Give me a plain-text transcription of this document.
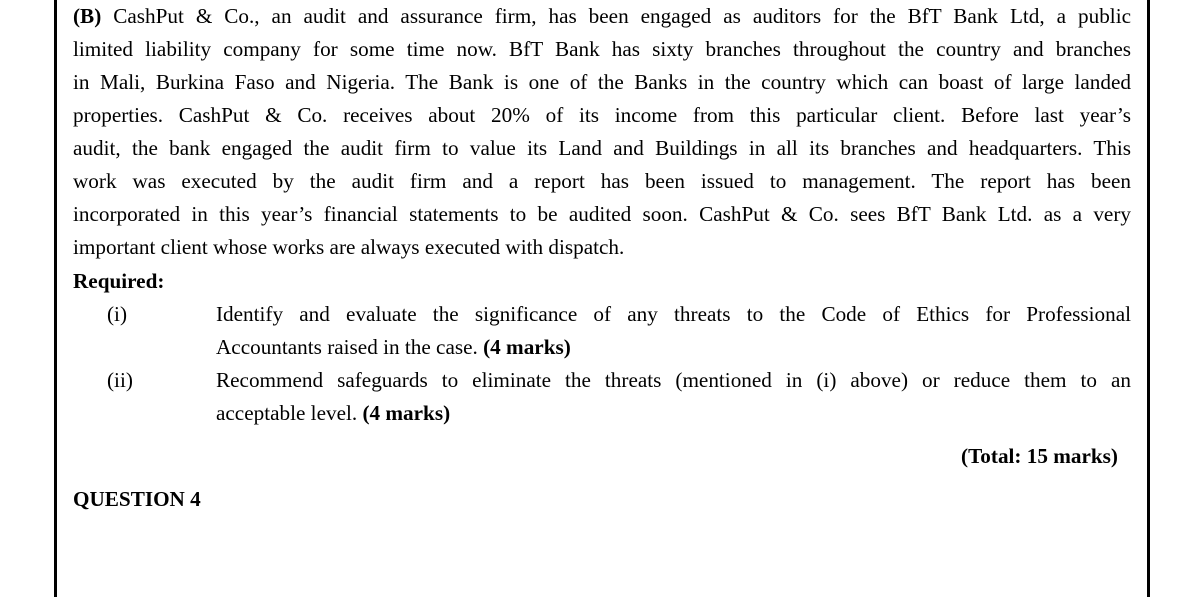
(B) CashPut & Co., an audit and assurance firm, has been engaged as auditors for the BfT Bank Ltd, a public
limited liability company for some time now. BfT Bank has sixty branches throughout the country and branches
in Mali, Burkina Faso and Nigeria. The Bank is one of the Banks in the country which can boast of large landed
properties. CashPut & Co. receives about 20% of its income from this particular client. Before last year’s
audit, the bank engaged the audit firm to value its Land and Buildings in all its branches and headquarters. This
work was executed by the audit firm and a report has been issued to management. The report has been
incorporated in this year’s financial statements to be audited soon. CashPut & Co. sees BfT Bank Ltd. as a very
important client whose works are always executed with dispatch.
Required:
(i)	Identify and evaluate the significance of any threats to the Code of Ethics for Professional
Accountants raised in the case. (4 marks)
(ii)	Recommend safeguards to eliminate the threats (mentioned in (i) above) or reduce them to an
acceptable level. (4 marks)
(Total: 15 marks)
QUESTION 4
